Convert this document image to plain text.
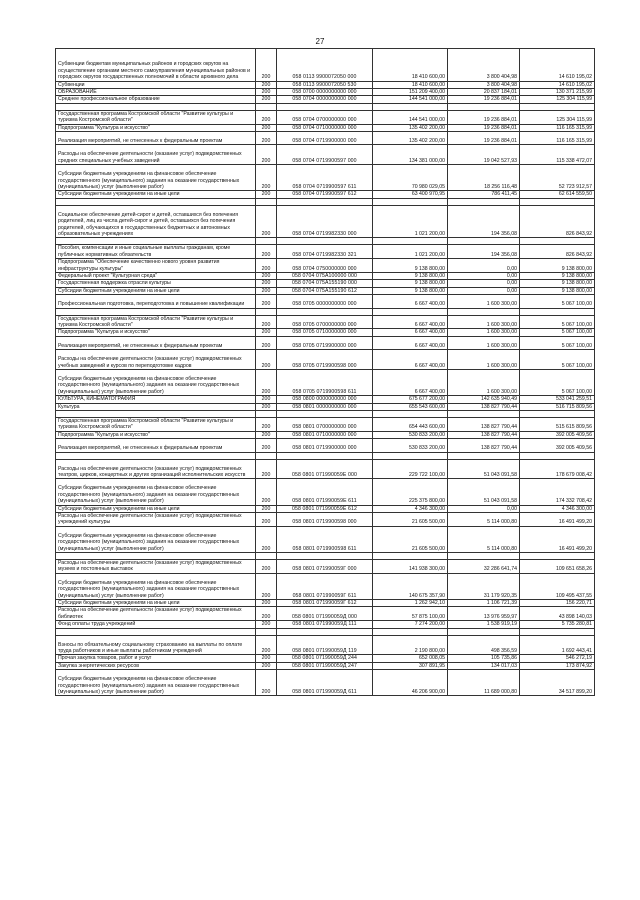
27
Субвенции бюджетам муниципальных районов и городских округов на осуществление органами местного самоуправления муниципальных районов и городских округов государственных полномочий в области архивного дела	200	058 0113 9900072050 000	18 410 600,00	3 800 404,98	14 610 195,02
Субвенции	200	058 0113 9900072050 530	18 410 600,00	3 800 404,98	14 610 195,02
ОБРАЗОВАНИЕ	200	058 0700 0000000000 000	151 209 400,00	20 837 184,01	130 371 215,99
Среднее профессиональное образование	200	058 0704 0000000000 000	144 541 000,00	19 236 884,01	125 304 115,99

Государственная программа Костромской области "Развитие культуры и туризма Костромской области"	200	058 0704 0700000000 000	144 541 000,00	19 236 884,01	125 304 115,99
Подпрограмма "Культура и искусство"	200	058 0704 0710000000 000	135 402 200,00	19 236 884,01	116 165 315,99
Реализация мероприятий, не отнесенных к федеральным проектам	200	058 0704 0719900000 000	135 402 200,00	19 236 884,01	116 165 315,99
Расходы на обеспечение деятельности (оказание услуг) подведомственных средних специальных учебных заведений	200	058 0704 0719900597 000	134 381 000,00	19 042 527,93	115 338 472,07
Субсидии бюджетным учреждениям на финансовое обеспечение государственного (муниципального) задания на оказание государственных (муниципальных) услуг (выполнение работ)	200	058 0704 0719900597 611	70 980 029,05	18 256 116,48	52 723 912,57
Субсидии бюджетным учреждениям на иные цели	200	058 0704 0719900597 612	63 400 970,95	786 411,45	62 614 559,50

Социальное обеспечение детей-сирот и детей, оставшихся без попечения родителей, лиц из числа детей-сирот и детей, оставшихся без попечения родителей, обучающихся в государственных бюджетных и автономных образовательных учреждениях	200	058 0704 0719982330 000	1 021 200,00	194 356,08	826 843,92

Пособия, компенсации и иные социальные выплаты гражданам, кроме публичных нормативных обязательств	200	058 0704 0719982330 321	1 021 200,00	194 356,08	826 843,92
Подпрограмма "Обеспечение качественно нового уровня развития инфраструктуры культуры"	200	058 0704 0750000000 000	9 138 800,00	0,00	9 138 800,00
Федеральный проект "Культурная среда"	200	058 0704 075A100000 000	9 138 800,00	0,00	9 138 800,00
Государственная поддержка отрасли культуры	200	058 0704 075A155190 000	9 138 800,00	0,00	9 138 800,00
Субсидии бюджетным учреждениям на иные цели	200	058 0704 075A155190 612	9 138 800,00	0,00	9 138 800,00
Профессиональная подготовка, переподготовка и повышение квалификации	200	058 0705 0000000000 000	6 667 400,00	1 600 300,00	5 067 100,00

Государственная программа Костромской области "Развитие культуры и туризма Костромской области"	200	058 0705 0700000000 000	6 667 400,00	1 600 300,00	5 067 100,00
Подпрограмма "Культура и искусство"	200	058 0705 0710000000 000	6 667 400,00	1 600 300,00	5 067 100,00
Реализация мероприятий, не отнесенных к федеральным проектам	200	058 0705 0719900000 000	6 667 400,00	1 600 300,00	5 067 100,00
Расходы на обеспечение деятельности (оказание услуг) подведомственных учебных заведений и курсов по переподготовке кадров	200	058 0705 0719900598 000	6 667 400,00	1 600 300,00	5 067 100,00
Субсидии бюджетным учреждениям на финансовое обеспечение государственного (муниципального) задания на оказание государственных (муниципальных) услуг (выполнение работ)	200	058 0705 0719900598 611	6 667 400,00	1 600 300,00	5 067 100,00
КУЛЬТУРА, КИНЕМАТОГРАФИЯ	200	058 0800 0000000000 000	675 677 200,00	142 635 940,49	533 041 259,51
Культура	200	058 0801 0000000000 000	655 543 600,00	138 827 790,44	516 715 809,56

Государственная программа Костромской области "Развитие культуры и туризма Костромской области"	200	058 0801 0700000000 000	654 443 600,00	138 827 790,44	515 615 809,56
Подпрограмма "Культура и искусство"	200	058 0801 0710000000 000	530 833 200,00	138 827 790,44	392 005 409,56
Реализация мероприятий, не отнесенных к федеральным проектам	200	058 0801 0719900000 000	530 833 200,00	138 827 790,44	392 005 409,56

Расходы на обеспечение деятельности (оказание услуг) подведомственных театров, цирков, концертных и других организаций исполнительских искусств	200	058 0801 071990059Е 000	229 722 100,00	51 043 091,58	178 679 008,42
Субсидии бюджетным учреждениям на финансовое обеспечение государственного (муниципального) задания на оказание государственных (муниципальных) услуг (выполнение работ)	200	058 0801 071990059Е 611	225 375 800,00	51 043 091,58	174 332 708,42
Субсидии бюджетным учреждениям на иные цели	200	058 0801 071990059Е 612	4 346 300,00	0,00	4 346 300,00
Расходы на обеспечение деятельности (оказание услуг) подведомственных учреждений культуры	200	058 0801 0719900598 000	21 605 500,00	5 114 000,80	16 491 499,20
Субсидии бюджетным учреждениям на финансовое обеспечение государственного (муниципального) задания на оказание государственных (муниципальных) услуг (выполнение работ)	200	058 0801 0719900598 611	21 605 500,00	5 114 000,80	16 491 499,20

Расходы на обеспечение деятельности (оказание услуг) подведомственных музеев и постоянных выставок	200	058 0801 071990059Г 000	141 938 300,00	32 286 641,74	109 651 658,26
Субсидии бюджетным учреждениям на финансовое обеспечение государственного (муниципального) задания на оказание государственных (муниципальных) услуг (выполнение работ)	200	058 0801 071990059Г 611	140 675 357,90	31 179 920,35	109 495 437,55
Субсидии бюджетным учреждениям на иные цели	200	058 0801 071990059Г 612	1 262 942,10	1 106 721,39	156 220,71
Расходы на обеспечение деятельности (оказание услуг) подведомственных библиотек	200	058 0801 071990059Д 000	57 875 100,00	13 976 959,97	43 898 140,03
Фонд оплаты труда учреждений	200	058 0801 071990059Д 111	7 274 200,00	1 538 919,19	5 735 280,81

Взносы по обязательному социальному страхованию на выплаты по оплате труда работников и иные выплаты работникам учреждений	200	058 0801 071990059Д 119	2 190 800,00	498 356,59	1 692 443,41
Прочая закупка товаров, работ и услуг	200	058 0801 071990059Д 244	652 008,05	105 735,86	546 272,19
Закупка энергетических ресурсов	200	058 0801 071990059Д 247	307 891,95	134 017,03	173 874,92
Субсидии бюджетным учреждениям на финансовое обеспечение государственного (муниципального) задания на оказание государственных (муниципальных) услуг (выполнение работ)	200	058 0801 071990059Д 611	46 206 900,00	11 689 000,80	34 517 899,20
